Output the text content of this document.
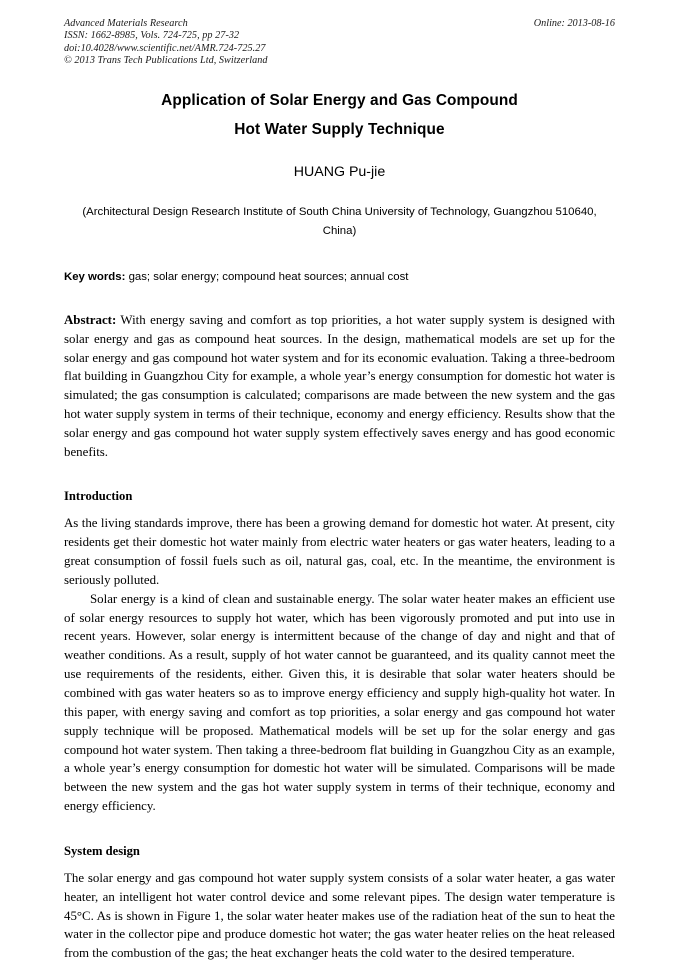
Advanced Materials Research
ISSN: 1662-8985, Vols. 724-725, pp 27-32
doi:10.4028/www.scientific.net/AMR.724-725.27
© 2013 Trans Tech Publications Ltd, Switzerland
Online: 2013-08-16
Application of Solar Energy and Gas Compound
Hot Water Supply Technique
HUANG Pu-jie
(Architectural Design Research Institute of South China University of Technology, Guangzhou 510640, China)
Key words: gas; solar energy; compound heat sources; annual cost
Abstract: With energy saving and comfort as top priorities, a hot water supply system is designed with solar energy and gas as compound heat sources. In the design, mathematical models are set up for the solar energy and gas compound hot water system and for its economic evaluation. Taking a three-bedroom flat building in Guangzhou City for example, a whole year’s energy consumption for domestic hot water is simulated; the gas consumption is calculated; comparisons are made between the new system and the gas hot water supply system in terms of their technique, economy and energy efficiency. Results show that the solar energy and gas compound hot water supply system effectively saves energy and has good economic benefits.
Introduction
As the living standards improve, there has been a growing demand for domestic hot water. At present, city residents get their domestic hot water mainly from electric water heaters or gas water heaters, leading to a great consumption of fossil fuels such as oil, natural gas, coal, etc. In the meantime, the environment is seriously polluted.
Solar energy is a kind of clean and sustainable energy. The solar water heater makes an efficient use of solar energy resources to supply hot water, which has been vigorously promoted and put into use in recent years. However, solar energy is intermittent because of the change of day and night and that of weather conditions. As a result, supply of hot water cannot be guaranteed, and its quality cannot meet the use requirements of the residents, either. Given this, it is desirable that solar water heaters should be combined with gas water heaters so as to improve energy efficiency and supply high-quality hot water. In this paper, with energy saving and comfort as top priorities, a solar energy and gas compound hot water supply technique will be proposed. Mathematical models will be set up for the solar energy and gas compound hot water system. Then taking a three-bedroom flat building in Guangzhou City as an example, a whole year’s energy consumption for domestic hot water will be simulated. Comparisons will be made between the new system and the gas hot water supply system in terms of their technique, economy and energy efficiency.
System design
The solar energy and gas compound hot water supply system consists of a solar water heater, a gas water heater, an intelligent hot water control device and some relevant pipes. The design water temperature is 45°C. As is shown in Figure 1, the solar water heater makes use of the radiation heat of the sun to heat the water in the collector pipe and produce domestic hot water; the gas water heater relies on the heat released from the combustion of the gas; the heat exchanger heats the cold water to the desired temperature.
